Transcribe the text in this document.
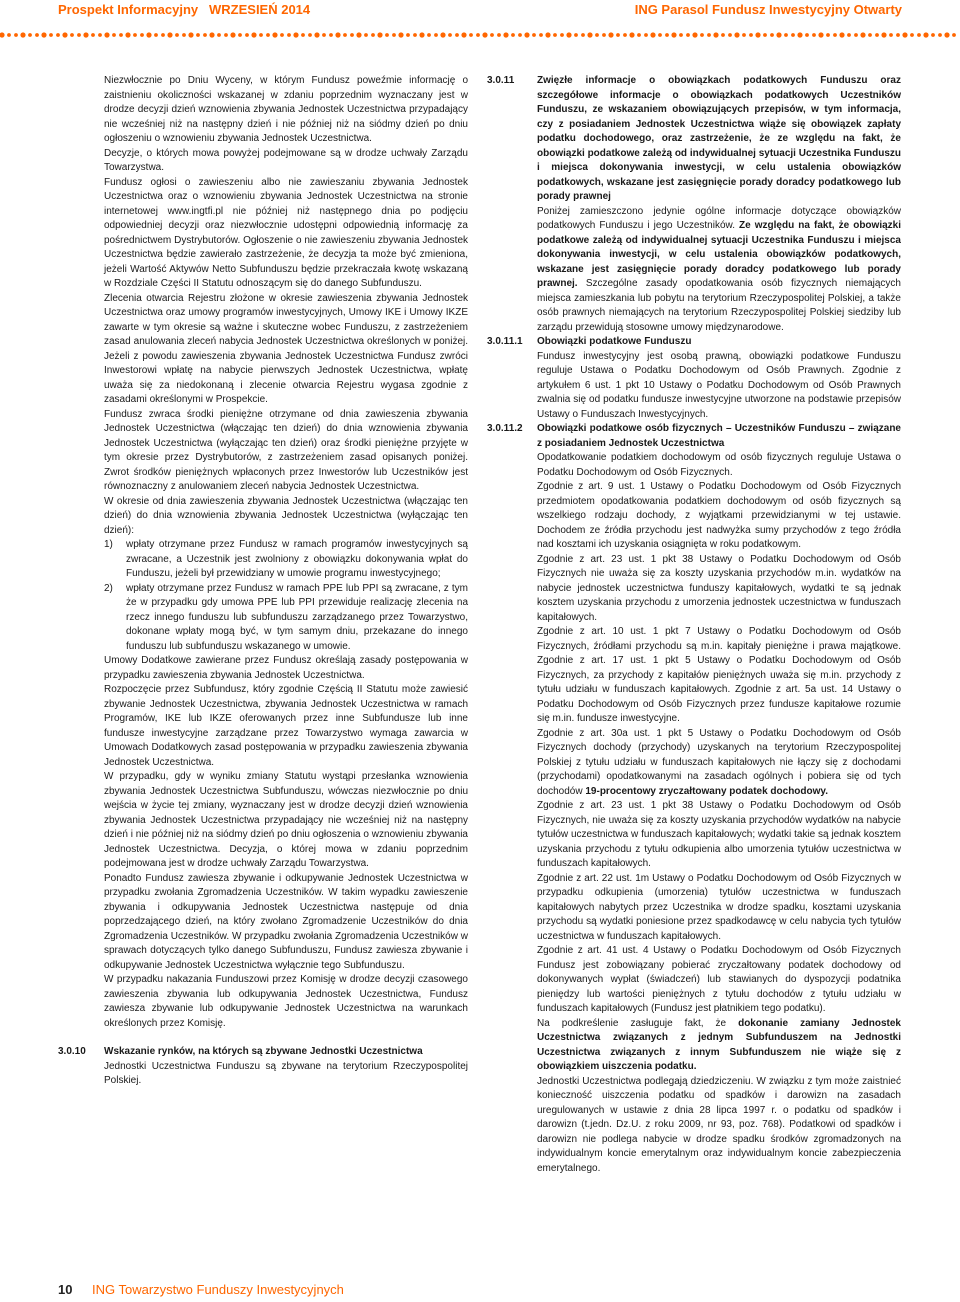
Prospekt Informacyjny WRZESIEŃ 2014	ING Parasol Fundusz Inwestycyjny Otwarty

Niezwłocznie po Dniu Wyceny, w którym Fundusz poweźmie informację o zaistnieniu okoliczności wskazanej w zdaniu poprzednim wyznaczany jest w drodze decyzji dzień wznowienia zbywania Jednostek Uczestnictwa przypadający nie wcześniej niż na następny dzień i nie później niż na siódmy dzień po dniu ogłoszeniu o wznowieniu zbywania Jednostek Uczestnictwa.

Decyzje, o których mowa powyżej podejmowane są w drodze uchwały Zarządu Towarzystwa.

Fundusz ogłosi o zawieszeniu albo nie zawieszaniu zbywania Jednostek Uczestnictwa oraz o wznowieniu zbywania Jednostek Uczestnictwa na stronie internetowej www.ingtfi.pl nie później niż następnego dnia po podjęciu odpowiedniej decyzji oraz niezwłocznie udostępni odpowiednią informację za pośrednictwem Dystrybutorów. Ogłoszenie o nie zawieszeniu zbywania Jednostek Uczestnictwa będzie zawierało zastrzeżenie, że decyzja ta może być zmieniona, jeżeli Wartość Aktywów Netto Subfunduszu będzie przekraczała kwotę wskazaną w Rozdziale Części II Statutu odnoszącym się do danego Subfunduszu.

Zlecenia otwarcia Rejestru złożone w okresie zawieszenia zbywania Jednostek Uczestnictwa oraz umowy programów inwestycyjnych, Umowy IKE i Umowy IKZE zawarte w tym okresie są ważne i skuteczne wobec Funduszu, z zastrzeżeniem zasad anulowania zleceń nabycia Jednostek Uczestnictwa określonych w poniżej. Jeżeli z powodu zawieszenia zbywania Jednostek Uczestnictwa Fundusz zwróci Inwestorowi wpłatę na nabycie pierwszych Jednostek Uczestnictwa, wpłatę uważa się za niedokonaną i zlecenie otwarcia Rejestru wygasa zgodnie z zasadami określonymi w Prospekcie.

Fundusz zwraca środki pieniężne otrzymane od dnia zawieszenia zbywania Jednostek Uczestnictwa (włączając ten dzień) do dnia wznowienia zbywania Jednostek Uczestnictwa (wyłączając ten dzień) oraz środki pieniężne przyjęte w tym okresie przez Dystrybutorów, z zastrzeżeniem zasad opisanych poniżej. Zwrot środków pieniężnych wpłaconych przez Inwestorów lub Uczestników jest równoznaczny z anulowaniem zleceń nabycia Jednostek Uczestnictwa.

W okresie od dnia zawieszenia zbywania Jednostek Uczestnictwa (włączając ten dzień) do dnia wznowienia zbywania Jednostek Uczestnictwa (wyłączając ten dzień):

1) wpłaty otrzymane przez Fundusz w ramach programów inwestycyjnych są zwracane, a Uczestnik jest zwolniony z obowiązku dokonywania wpłat do Funduszu, jeżeli był przewidziany w umowie programu inwestycyjnego;
2) wpłaty otrzymane przez Fundusz w ramach PPE lub PPI są zwracane, z tym że w przypadku gdy umowa PPE lub PPI przewiduje realizację zlecenia na rzecz innego funduszu lub subfunduszu zarządzanego przez Towarzystwo, dokonane wpłaty mogą być, w tym samym dniu, przekazane do innego funduszu lub subfunduszu wskazanego w umowie.

Umowy Dodatkowe zawierane przez Fundusz określają zasady postępowania w przypadku zawieszenia zbywania Jednostek Uczestnictwa.

Rozpoczęcie przez Subfundusz, który zgodnie Częścią II Statutu może zawiesić zbywanie Jednostek Uczestnictwa, zbywania Jednostek Uczestnictwa w ramach Programów, IKE lub IKZE oferowanych przez inne Subfundusze lub inne fundusze inwestycyjne zarządzane przez Towarzystwo wymaga zawarcia w Umowach Dodatkowych zasad postępowania w przypadku zawieszenia zbywania Jednostek Uczestnictwa.

W przypadku, gdy w wyniku zmiany Statutu wystąpi przesłanka wznowienia zbywania Jednostek Uczestnictwa Subfunduszu, wówczas niezwłocznie po dniu wejścia w życie tej zmiany, wyznaczany jest w drodze decyzji dzień wznowienia zbywania Jednostek Uczestnictwa przypadający nie wcześniej niż na następny dzień i nie później niż na siódmy dzień po dniu ogłoszenia o wznowieniu zbywania Jednostek Uczestnictwa. Decyzja, o której mowa w zdaniu poprzednim podejmowana jest w drodze uchwały Zarządu Towarzystwa.

Ponadto Fundusz zawiesza zbywanie i odkupywanie Jednostek Uczestnictwa w przypadku zwołania Zgromadzenia Uczestników. W takim wypadku zawieszenie zbywania i odkupywania Jednostek Uczestnictwa następuje od dnia poprzedzającego dzień, na który zwołano Zgromadzenie Uczestników do dnia Zgromadzenia Uczestników. W przypadku zwołania Zgromadzenia Uczestników w sprawach dotyczących tylko danego Subfunduszu, Fundusz zawiesza zbywanie i odkupywanie Jednostek Uczestnictwa wyłącznie tego Subfunduszu.

W przypadku nakazania Funduszowi przez Komisję w drodze decyzji czasowego zawieszenia zbywania lub odkupywania Jednostek Uczestnictwa, Fundusz zawiesza zbywanie lub odkupywanie Jednostek Uczestnictwa na warunkach określonych przez Komisję.

3.0.10 Wskazanie rynków, na których są zbywane Jednostki Uczestnictwa

Jednostki Uczestnictwa Funduszu są zbywane na terytorium Rzeczypospolitej Polskiej.

3.0.11 Zwięzłe informacje o obowiązkach podatkowych Funduszu oraz szczegółowe informacje o obowiązkach podatkowych Uczestników Funduszu, ze wskazaniem obowiązujących przepisów, w tym informacja, czy z posiadaniem Jednostek Uczestnictwa wiąże się obowiązek zapłaty podatku dochodowego, oraz zastrzeżenie, że ze względu na fakt, że obowiązki podatkowe zależą od indywidualnej sytuacji Uczestnika Funduszu i miejsca dokonywania inwestycji, w celu ustalenia obowiązków podatkowych, wskazane jest zasięgnięcie porady doradcy podatkowego lub porady prawnej

Poniżej zamieszczono jedynie ogólne informacje dotyczące obowiązków podatkowych Funduszu i jego Uczestników. Ze względu na fakt, że obowiązki podatkowe zależą od indywidualnej sytuacji Uczestnika Funduszu i miejsca dokonywania inwestycji, w celu ustalenia obowiązków podatkowych, wskazane jest zasięgnięcie porady doradcy podatkowego lub porady prawnej. Szczególne zasady opodatkowania osób fizycznych niemających miejsca zamieszkania lub pobytu na terytorium Rzeczypospolitej Polskiej, a także osób prawnych niemających na terytorium Rzeczypospolitej Polskiej siedziby lub zarządu przewidują stosowne umowy międzynarodowe.

3.0.11.1 Obowiązki podatkowe Funduszu

Fundusz inwestycyjny jest osobą prawną, obowiązki podatkowe Funduszu reguluje Ustawa o Podatku Dochodowym od Osób Prawnych. Zgodnie z artykułem 6 ust. 1 pkt 10 Ustawy o Podatku Dochodowym od Osób Prawnych zwalnia się od podatku fundusze inwestycyjne utworzone na podstawie przepisów Ustawy o Funduszach Inwestycyjnych.

3.0.11.2 Obowiązki podatkowe osób fizycznych – Uczestników Funduszu – związane z posiadaniem Jednostek Uczestnictwa

Opodatkowanie podatkiem dochodowym od osób fizycznych reguluje Ustawa o Podatku Dochodowym od Osób Fizycznych.

Zgodnie z art. 9 ust. 1 Ustawy o Podatku Dochodowym od Osób Fizycznych przedmiotem opodatkowania podatkiem dochodowym od osób fizycznych są wszelkiego rodzaju dochody, z wyjątkami przewidzianymi w tej ustawie. Dochodem ze źródła przychodu jest nadwyżka sumy przychodów z tego źródła nad kosztami ich uzyskania osiągnięta w roku podatkowym.

Zgodnie z art. 23 ust. 1 pkt 38 Ustawy o Podatku Dochodowym od Osób Fizycznych nie uważa się za koszty uzyskania przychodów m.in. wydatków na nabycie jednostek uczestnictwa funduszy kapitałowych, wydatki te są jednak kosztem uzyskania przychodu z umorzenia jednostek uczestnictwa w funduszach kapitałowych.

Zgodnie z art. 10 ust. 1 pkt 7 Ustawy o Podatku Dochodowym od Osób Fizycznych, źródłami przychodu są m.in. kapitały pieniężne i prawa majątkowe. Zgodnie z art. 17 ust. 1 pkt 5 Ustawy o Podatku Dochodowym od Osób Fizycznych, za przychody z kapitałów pieniężnych uważa się m.in. przychody z tytułu udziału w funduszach kapitałowych. Zgodnie z art. 5a ust. 14 Ustawy o Podatku Dochodowym od Osób Fizycznych przez fundusze kapitałowe rozumie się m.in. fundusze inwestycyjne.

Zgodnie z art. 30a ust. 1 pkt 5 Ustawy o Podatku Dochodowym od Osób Fizycznych dochody (przychody) uzyskanych na terytorium Rzeczypospolitej Polskiej z tytułu udziału w funduszach kapitałowych nie łączy się z dochodami (przychodami) opodatkowanymi na zasadach ogólnych i pobiera się od tych dochodów 19-procentowy zryczałtowany podatek dochodowy.

Zgodnie z art. 23 ust. 1 pkt 38 Ustawy o Podatku Dochodowym od Osób Fizycznych, nie uważa się za koszty uzyskania przychodów wydatków na nabycie tytułów uczestnictwa w funduszach kapitałowych; wydatki takie są jednak kosztem uzyskania przychodu z tytułu odkupienia albo umorzenia tytułów uczestnictwa w funduszach kapitałowych.

Zgodnie z art. 22 ust. 1m Ustawy o Podatku Dochodowym od Osób Fizycznych w przypadku odkupienia (umorzenia) tytułów uczestnictwa w funduszach kapitałowych nabytych przez Uczestnika w drodze spadku, kosztami uzyskania przychodu są wydatki poniesione przez spadkodawcę w celu nabycia tych tytułów uczestnictwa w funduszach kapitałowych.

Zgodnie z art. 41 ust. 4 Ustawy o Podatku Dochodowym od Osób Fizycznych Fundusz jest zobowiązany pobierać zryczałtowany podatek dochodowy od dokonywanych wypłat (świadczeń) lub stawianych do dyspozycji podatnika pieniędzy lub wartości pieniężnych z tytułu dochodów z tytułu udziału w funduszach kapitałowych (Fundusz jest płatnikiem tego podatku).

Na podkreślenie zasługuje fakt, że dokonanie zamiany Jednostek Uczestnictwa związanych z jednym Subfunduszem na Jednostki Uczestnictwa związanych z innym Subfunduszem nie wiąże się z obowiązkiem uiszczenia podatku.

Jednostki Uczestnictwa podlegają dziedziczeniu. W związku z tym może zaistnieć konieczność uiszczenia podatku od spadków i darowizn na zasadach uregulowanych w ustawie z dnia 28 lipca 1997 r. o podatku od spadków i darowizn (t.jedn. Dz.U. z roku 2009, nr 93, poz. 768). Podatkowi od spadków i darowizn nie podlega nabycie w drodze spadku środków zgromadzonych na indywidualnym koncie emerytalnym oraz indywidualnym koncie zabezpieczenia emerytalnego.

10 ING Towarzystwo Funduszy Inwestycyjnych
